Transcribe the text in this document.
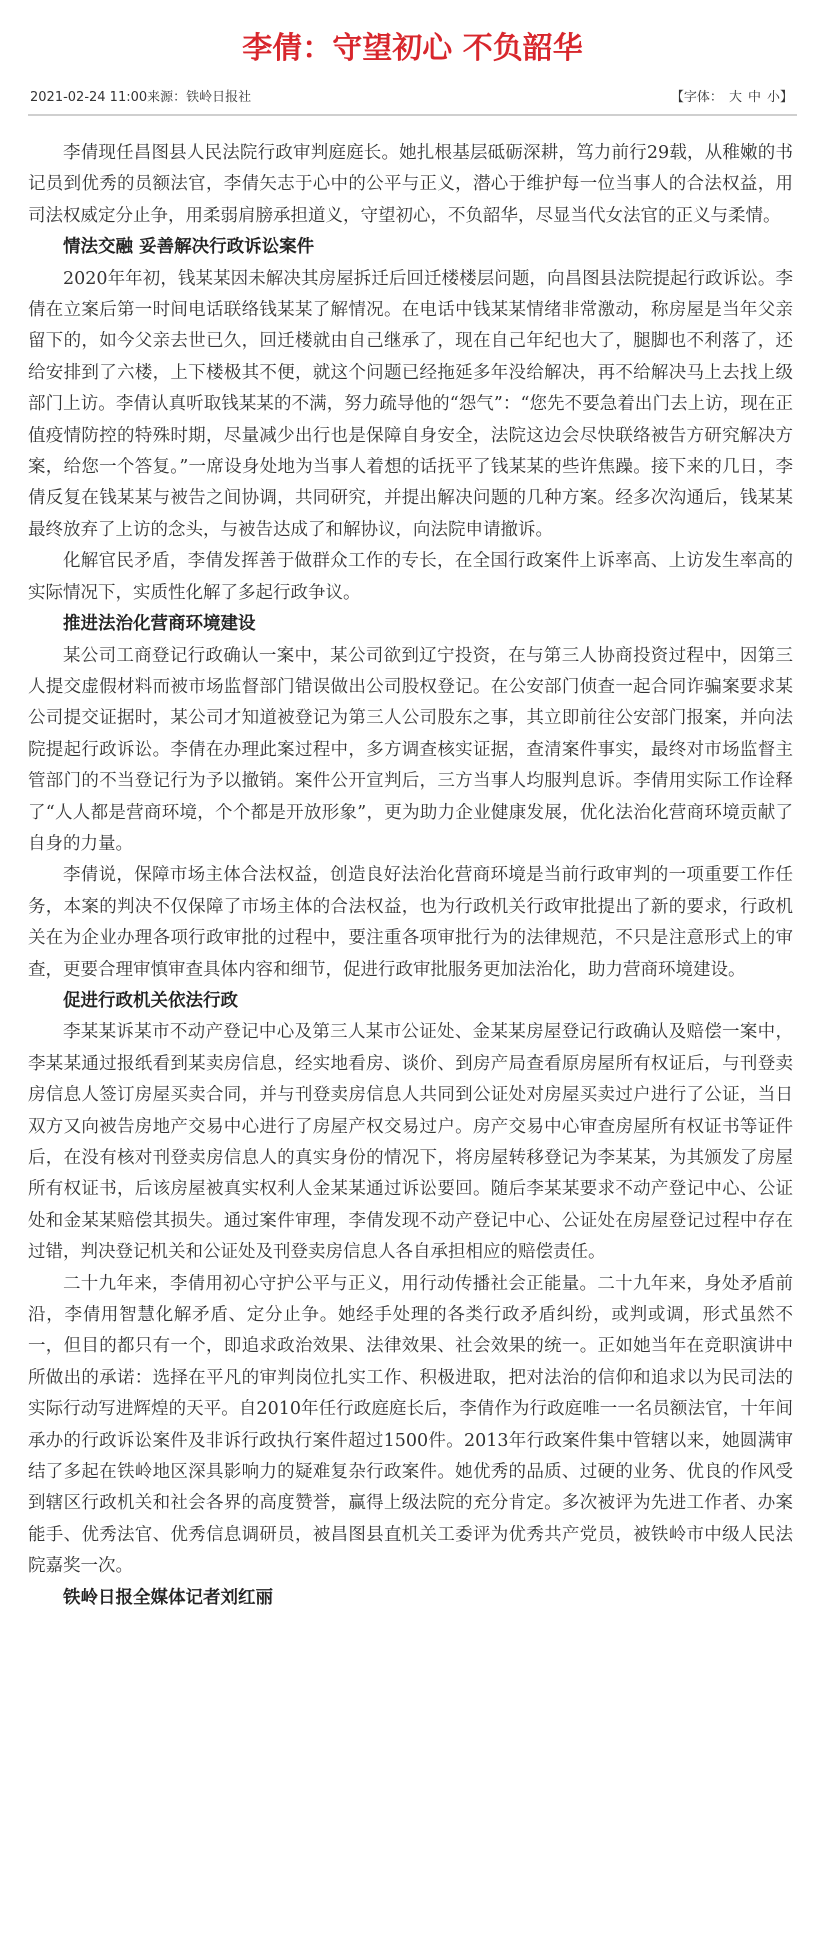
李倩：守望初心 不负韶华
2021-02-24 11:00来源：铁岭日报社	【字体： 大 中 小】

李倩现任昌图县人民法院行政审判庭庭长。她扎根基层砥砺深耕，笃力前行29载，从稚嫩的书记员到优秀的员额法官，李倩矢志于心中的公平与正义，潜心于维护每一位当事人的合法权益，用司法权威定分止争，用柔弱肩膀承担道义，守望初心，不负韶华，尽显当代女法官的正义与柔情。

情法交融 妥善解决行政诉讼案件

2020年年初，钱某某因未解决其房屋拆迁后回迁楼楼层问题，向昌图县法院提起行政诉讼。李倩在立案后第一时间电话联络钱某某了解情况。在电话中钱某某情绪非常激动，称房屋是当年父亲留下的，如今父亲去世已久，回迁楼就由自己继承了，现在自己年纪也大了，腿脚也不利落了，还给安排到了六楼，上下楼极其不便，就这个问题已经拖延多年没给解决，再不给解决马上去找上级部门上访。李倩认真听取钱某某的不满，努力疏导他的“怨气”：“您先不要急着出门去上访，现在正值疫情防控的特殊时期，尽量减少出行也是保障自身安全，法院这边会尽快联络被告方研究解决方案，给您一个答复。”一席设身处地为当事人着想的话抚平了钱某某的些许焦躁。接下来的几日，李倩反复在钱某某与被告之间协调，共同研究，并提出解决问题的几种方案。经多次沟通后，钱某某最终放弃了上访的念头，与被告达成了和解协议，向法院申请撤诉。

化解官民矛盾，李倩发挥善于做群众工作的专长，在全国行政案件上诉率高、上访发生率高的实际情况下，实质性化解了多起行政争议。

推进法治化营商环境建设

某公司工商登记行政确认一案中，某公司欲到辽宁投资，在与第三人协商投资过程中，因第三人提交虚假材料而被市场监督部门错误做出公司股权登记。在公安部门侦查一起合同诈骗案要求某公司提交证据时，某公司才知道被登记为第三人公司股东之事，其立即前往公安部门报案，并向法院提起行政诉讼。李倩在办理此案过程中，多方调查核实证据，查清案件事实，最终对市场监督主管部门的不当登记行为予以撤销。案件公开宣判后，三方当事人均服判息诉。李倩用实际工作诠释了“人人都是营商环境，个个都是开放形象”，更为助力企业健康发展，优化法治化营商环境贡献了自身的力量。

李倩说，保障市场主体合法权益，创造良好法治化营商环境是当前行政审判的一项重要工作任务，本案的判决不仅保障了市场主体的合法权益，也为行政机关行政审批提出了新的要求，行政机关在为企业办理各项行政审批的过程中，要注重各项审批行为的法律规范，不只是注意形式上的审查，更要合理审慎审查具体内容和细节，促进行政审批服务更加法治化，助力营商环境建设。

促进行政机关依法行政

李某某诉某市不动产登记中心及第三人某市公证处、金某某房屋登记行政确认及赔偿一案中，李某某通过报纸看到某卖房信息，经实地看房、谈价、到房产局查看原房屋所有权证后，与刊登卖房信息人签订房屋买卖合同，并与刊登卖房信息人共同到公证处对房屋买卖过户进行了公证，当日双方又向被告房地产交易中心进行了房屋产权交易过户。房产交易中心审查房屋所有权证书等证件后，在没有核对刊登卖房信息人的真实身份的情况下，将房屋转移登记为李某某，为其颁发了房屋所有权证书，后该房屋被真实权利人金某某通过诉讼要回。随后李某某要求不动产登记中心、公证处和金某某赔偿其损失。通过案件审理，李倩发现不动产登记中心、公证处在房屋登记过程中存在过错，判决登记机关和公证处及刊登卖房信息人各自承担相应的赔偿责任。

二十九年来，李倩用初心守护公平与正义，用行动传播社会正能量。二十九年来，身处矛盾前沿，李倩用智慧化解矛盾、定分止争。她经手处理的各类行政矛盾纠纷，或判或调，形式虽然不一，但目的都只有一个，即追求政治效果、法律效果、社会效果的统一。正如她当年在竞职演讲中所做出的承诺：选择在平凡的审判岗位扎实工作、积极进取，把对法治的信仰和追求以为民司法的实际行动写进辉煌的天平。自2010年任行政庭庭长后，李倩作为行政庭唯一一名员额法官，十年间承办的行政诉讼案件及非诉行政执行案件超过1500件。2013年行政案件集中管辖以来，她圆满审结了多起在铁岭地区深具影响力的疑难复杂行政案件。她优秀的品质、过硬的业务、优良的作风受到辖区行政机关和社会各界的高度赞誉，赢得上级法院的充分肯定。多次被评为先进工作者、办案能手、优秀法官、优秀信息调研员，被昌图县直机关工委评为优秀共产党员，被铁岭市中级人民法院嘉奖一次。

铁岭日报全媒体记者刘红丽
